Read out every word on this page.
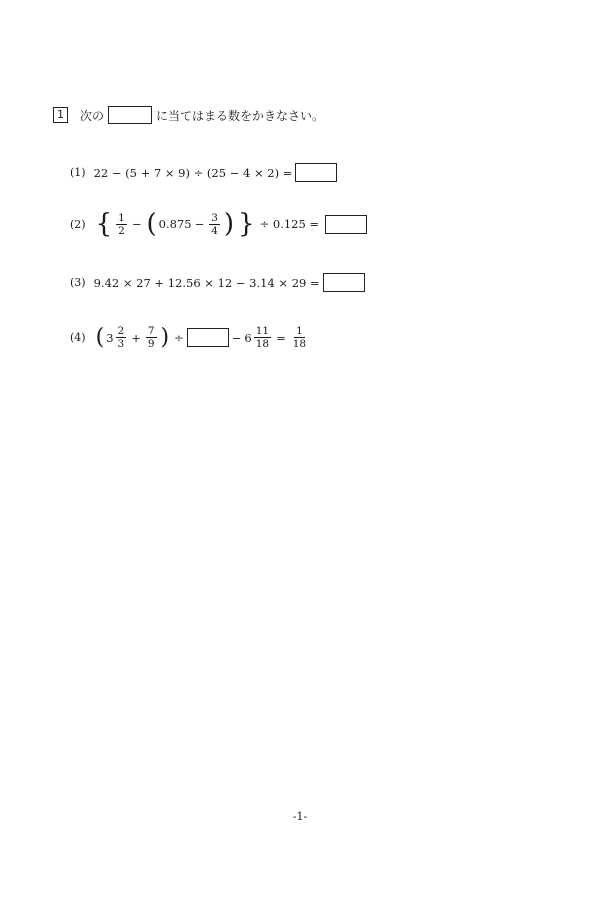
1	次の	に当てはまる数をかきなさい。
(1) 22 − (5 + 7 × 9) ÷ (25 − 4 × 2) =
(2) { $\frac{1}{2}$ − ( $0.875 - \frac{3}{4}$ ) } ÷ 0.125 =
(3) 9.42 × 27 + 12.56 × 12 − 3.14 × 29 =
(4) ( $3 \frac{2}{3} + \frac{7}{9}$ ) ÷	− $6 \frac{11}{18} = \frac{1}{18}$
-1-
